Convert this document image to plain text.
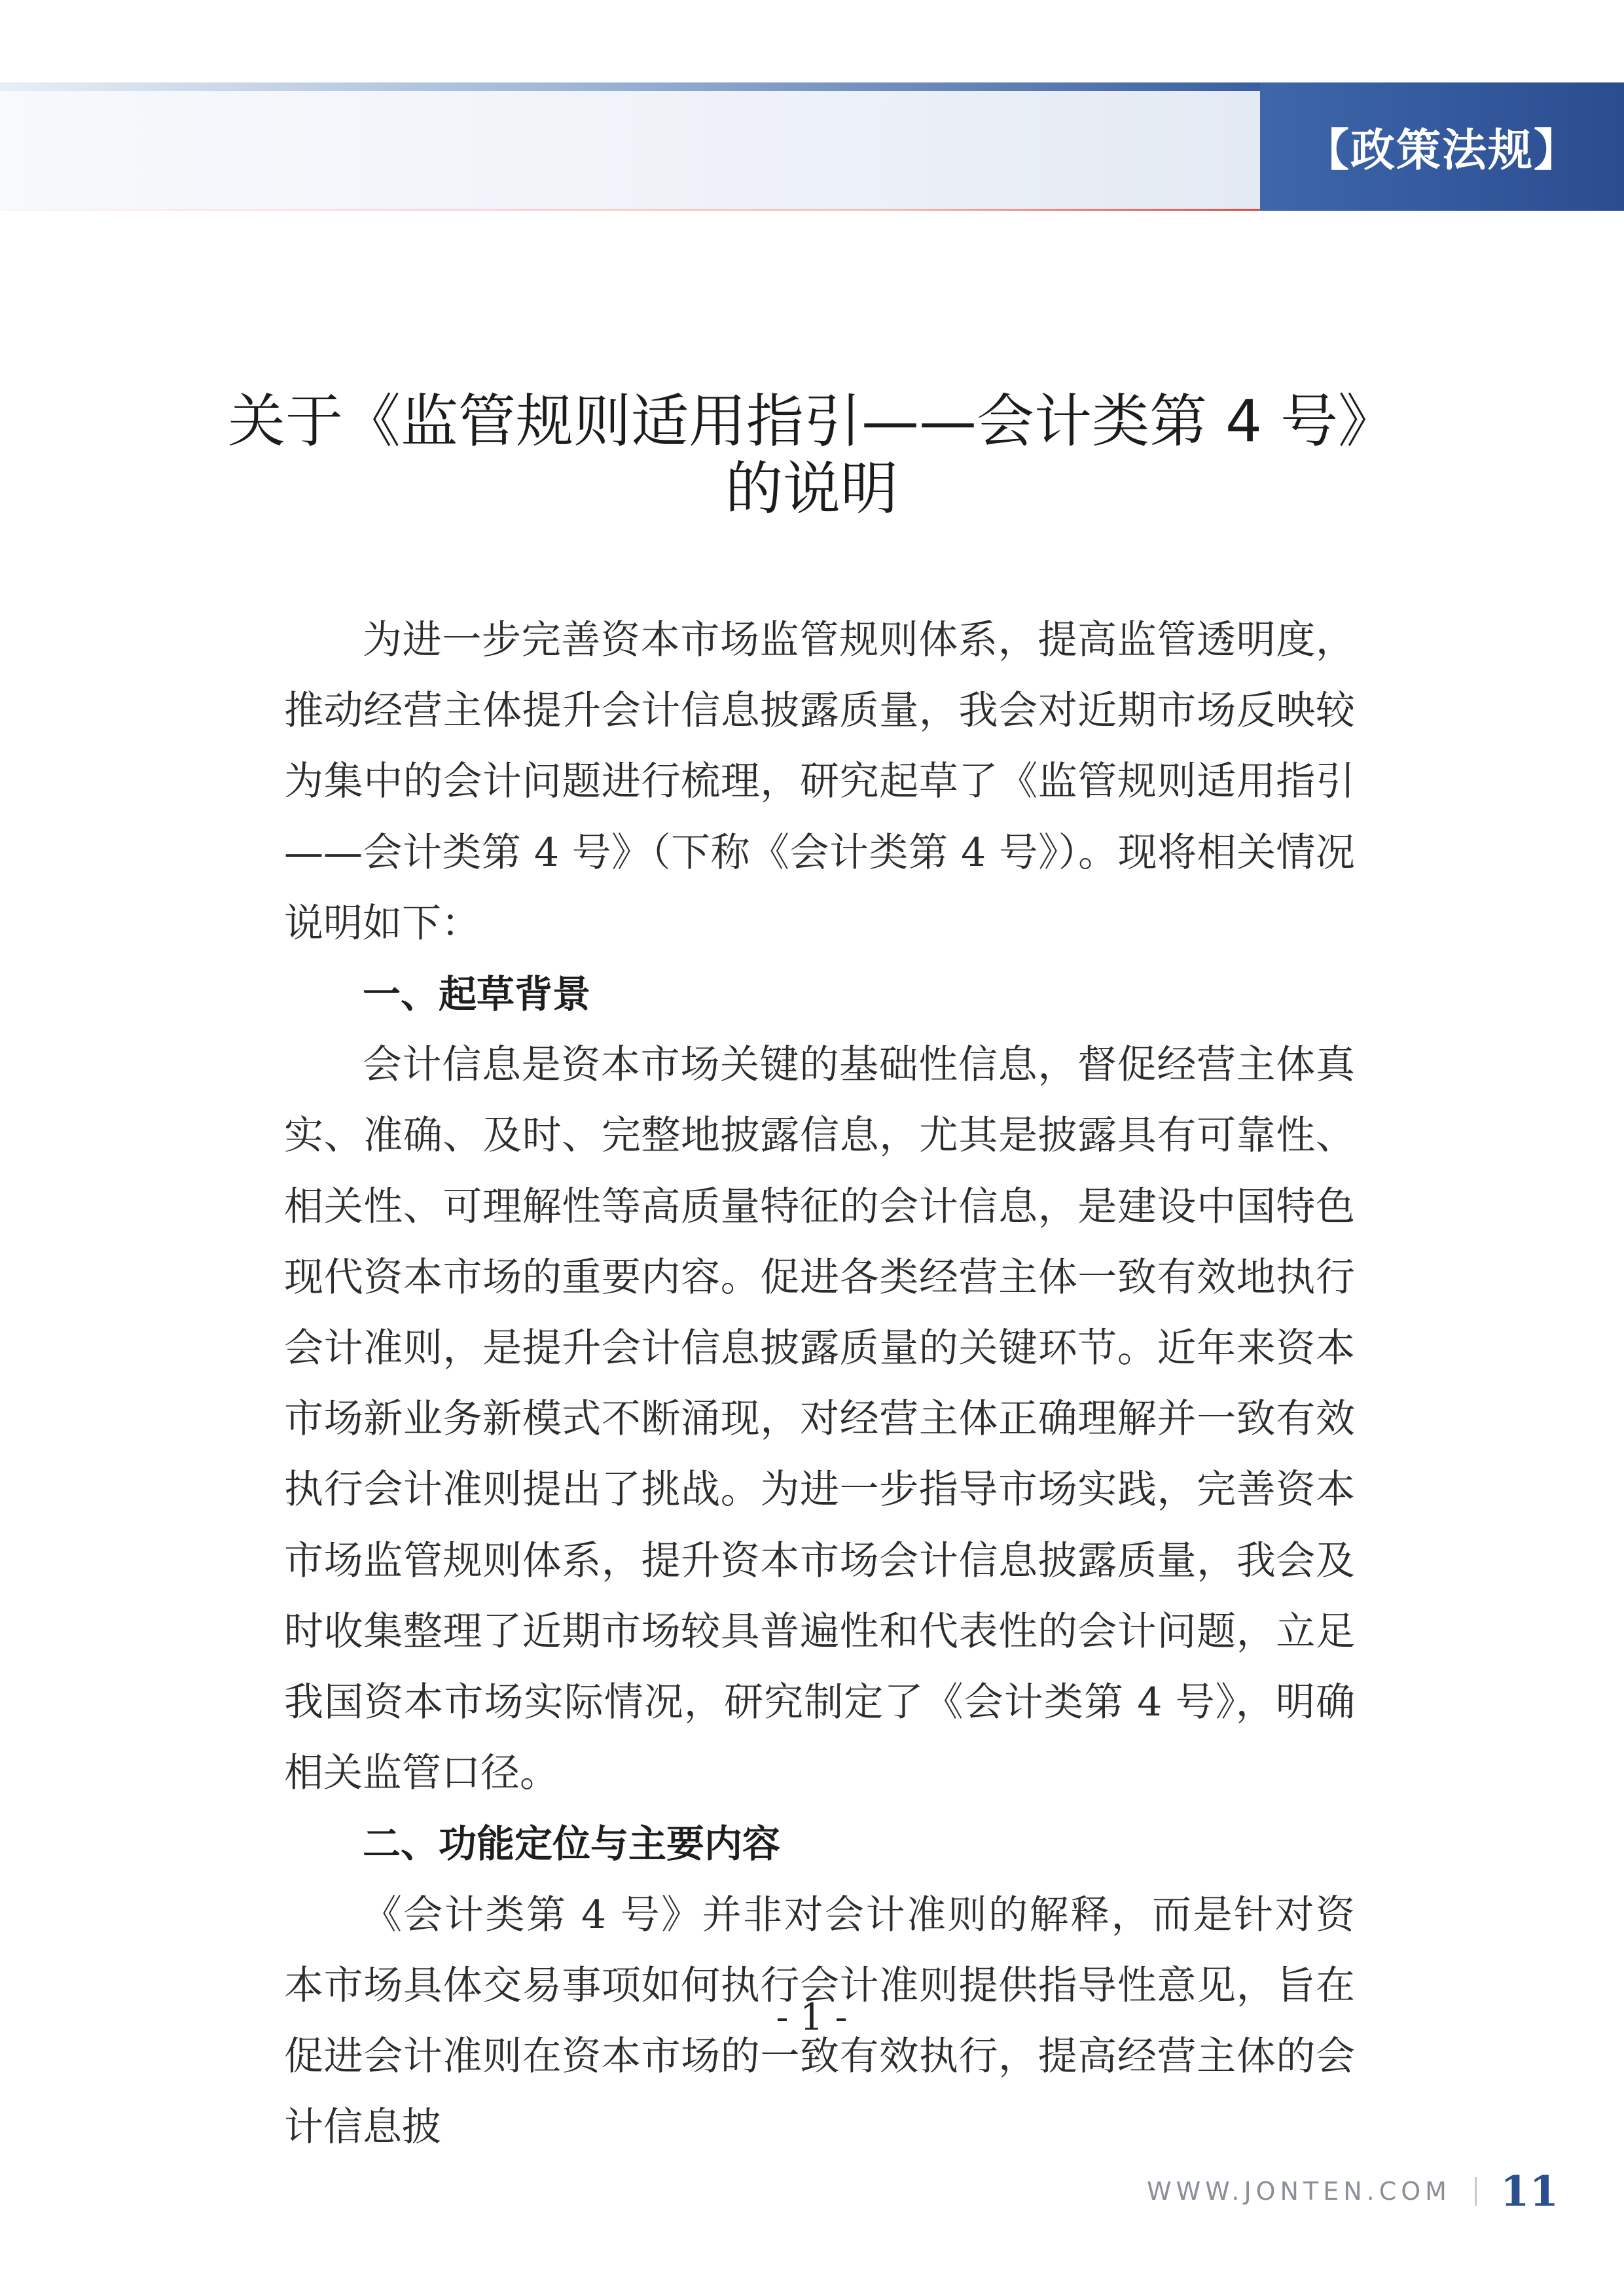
【政策法规】
关于《监管规则适用指引——会计类第 4 号》
的说明

为进一步完善资本市场监管规则体系，提高监管透明度，推动经营主体提升会计信息披露质量，我会对近期市场反映较为集中的会计问题进行梳理，研究起草了《监管规则适用指引——会计类第 4 号》（下称《会计类第 4 号》）。现将相关情况说明如下：

一、起草背景

会计信息是资本市场关键的基础性信息，督促经营主体真实、准确、及时、完整地披露信息，尤其是披露具有可靠性、相关性、可理解性等高质量特征的会计信息，是建设中国特色现代资本市场的重要内容。促进各类经营主体一致有效地执行会计准则，是提升会计信息披露质量的关键环节。近年来资本市场新业务新模式不断涌现，对经营主体正确理解并一致有效执行会计准则提出了挑战。为进一步指导市场实践，完善资本市场监管规则体系，提升资本市场会计信息披露质量，我会及时收集整理了近期市场较具普遍性和代表性的会计问题，立足我国资本市场实际情况，研究制定了《会计类第 4 号》，明确相关监管口径。

二、功能定位与主要内容

《会计类第 4 号》并非对会计准则的解释，而是针对资本市场具体交易事项如何执行会计准则提供指导性意见，旨在促进会计准则在资本市场的一致有效执行，提高经营主体的会计信息披

- 1 -
WWW.JONTEN.COM 11
